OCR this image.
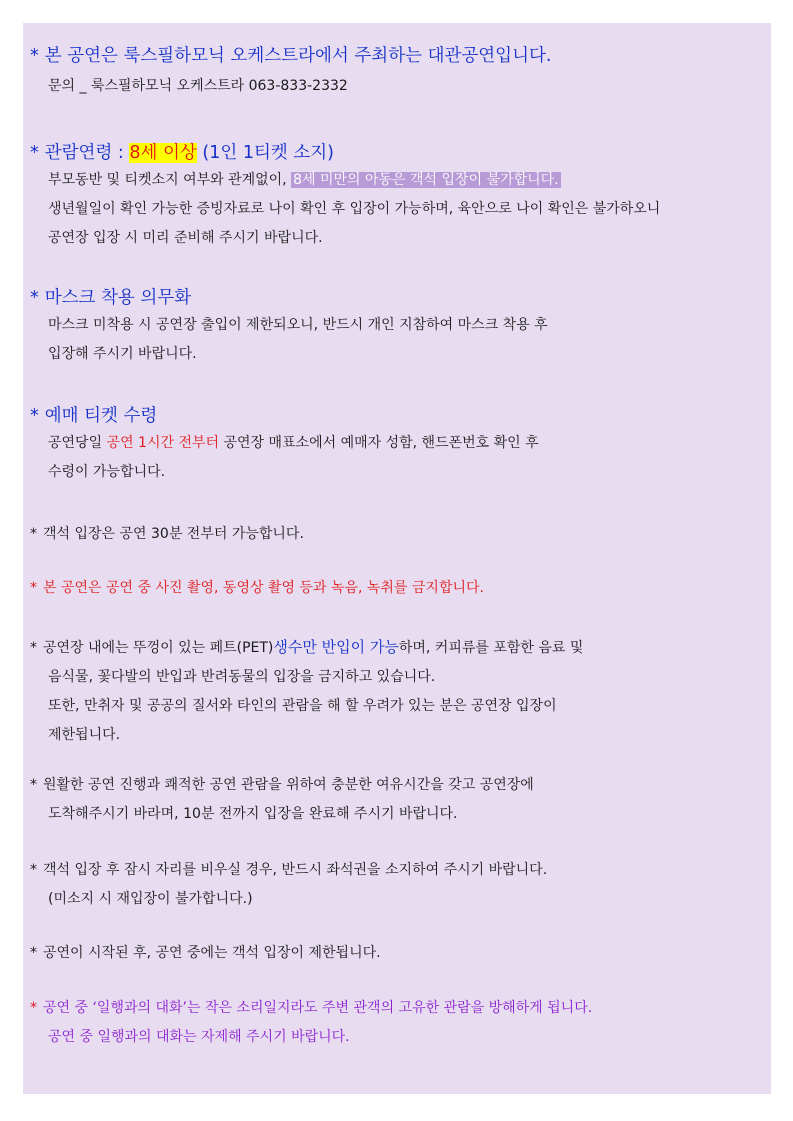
* 본 공연은 룩스필하모닉 오케스트라에서 주최하는 대관공연입니다.
문의 _ 룩스필하모닉 오케스트라 063-833-2332
* 관람연령 : 8세 이상 (1인 1티켓 소지)
부모동반 및 티켓소지 여부와 관계없이, 8세 미만의 아동은 객석 입장이 불가합니다.
생년월일이 확인 가능한 증빙자료로 나이 확인 후 입장이 가능하며, 육안으로 나이 확인은 불가하오니
공연장 입장 시 미리 준비해 주시기 바랍니다.
* 마스크 착용 의무화
마스크 미착용 시 공연장 출입이 제한되오니, 반드시 개인 지참하여 마스크 착용 후
입장해 주시기 바랍니다.
* 예매 티켓 수령
공연당일 공연 1시간 전부터 공연장 매표소에서 예매자 성함, 핸드폰번호 확인 후
수령이 가능합니다.
* 객석 입장은 공연 30분 전부터 가능합니다.
* 본 공연은 공연 중 사진 촬영, 동영상 촬영 등과 녹음, 녹취를 금지합니다.
* 공연장 내에는 뚜껑이 있는 페트(PET)생수만 반입이 가능하며, 커피류를 포함한 음료 및
음식물, 꽃다발의 반입과 반려동물의 입장을 금지하고 있습니다.
또한, 만취자 및 공공의 질서와 타인의 관람을 해 할 우려가 있는 분은 공연장 입장이
제한됩니다.
* 원활한 공연 진행과 쾌적한 공연 관람을 위하여 충분한 여유시간을 갖고 공연장에
도착해주시기 바라며, 10분 전까지 입장을 완료해 주시기 바랍니다.
* 객석 입장 후 잠시 자리를 비우실 경우, 반드시 좌석권을 소지하여 주시기 바랍니다.
(미소지 시 재입장이 불가합니다.)
* 공연이 시작된 후, 공연 중에는 객석 입장이 제한됩니다.
* 공연 중 ‘일행과의 대화’는 작은 소리일지라도 주변 관객의 고유한 관람을 방해하게 됩니다.
공연 중 일행과의 대화는 자제해 주시기 바랍니다.
